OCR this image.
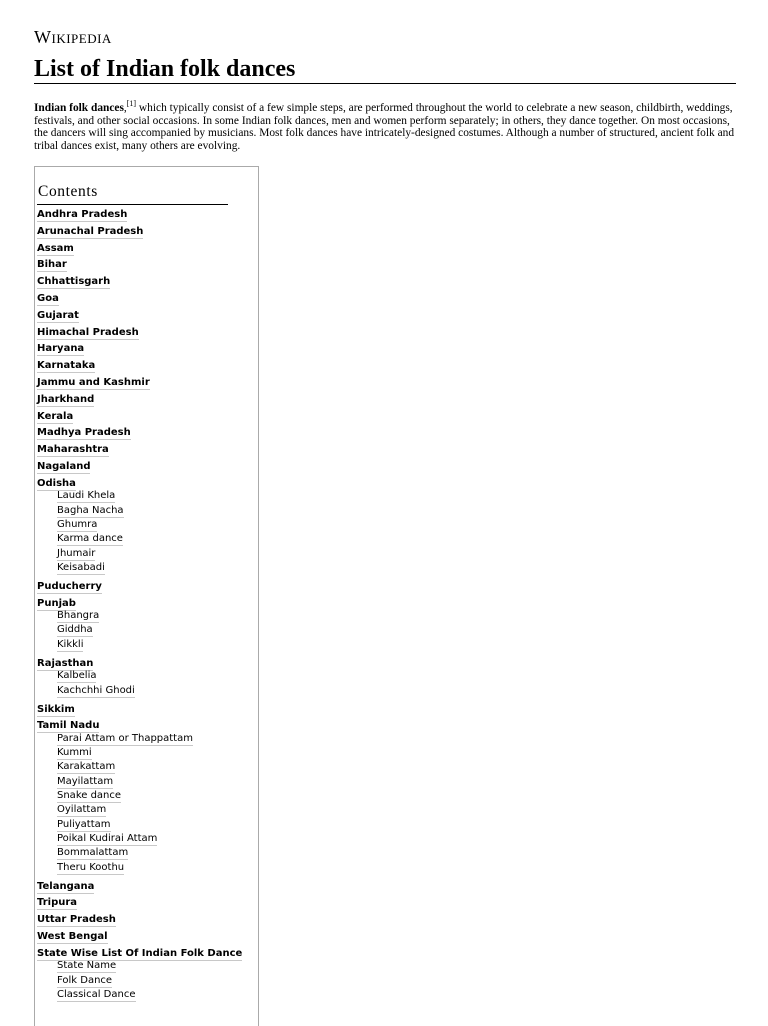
Wikipedia
List of Indian folk dances

Indian folk dances,[1] which typically consist of a few simple steps, are performed throughout the world to celebrate a new season, childbirth, weddings, festivals, and other social occasions. In some Indian folk dances, men and women perform separately; in others, they dance together. On most occasions, the dancers will sing accompanied by musicians. Most folk dances have intricately-designed costumes. Although a number of structured, ancient folk and tribal dances exist, many others are evolving.

Contents
Andhra Pradesh
Arunachal Pradesh
Assam
Bihar
Chhattisgarh
Goa
Gujarat
Himachal Pradesh
Haryana
Karnataka
Jammu and Kashmir
Jharkhand
Kerala
Madhya Pradesh
Maharashtra
Nagaland
Odisha
Laudi Khela
Bagha Nacha
Ghumra
Karma dance
Jhumair
Keisabadi
Puducherry
Punjab
Bhangra
Giddha
Kikkli
Rajasthan
Kalbelia
Kachchhi Ghodi
Sikkim
Tamil Nadu
Parai Attam or Thappattam
Kummi
Karakattam
Mayilattam
Snake dance
Oyilattam
Puliyattam
Poikal Kudirai Attam
Bommalattam
Theru Koothu
Telangana
Tripura
Uttar Pradesh
West Bengal
State Wise List Of Indian Folk Dance
State Name
Folk Dance
Classical Dance
